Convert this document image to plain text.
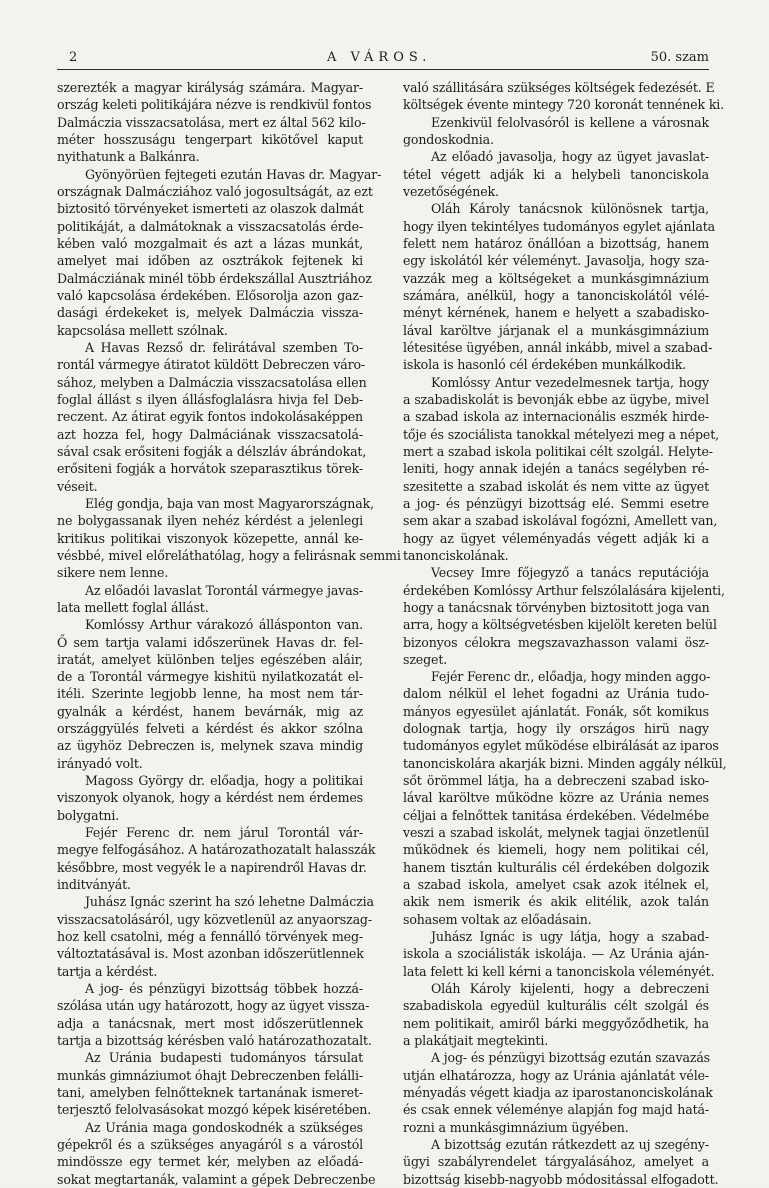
2	A VÁROS.	50. szam
szerezték a magyar királyság számára. Magyar-
ország keleti politikájára nézve is rendkivül fontos
Dalmáczia visszacsatolása, mert ez által 562 kilo-
méter hosszuságu tengerpart kikötővel kaput
nyithatunk a Balkánra.
Gyönyörüen fejtegeti ezután Havas dr. Magyar-
országnak Dalmácziához való jogosultságát, az ezt
biztositó törvényeket ismerteti az olaszok dalmát
politikáját, a dalmátoknak a visszacsatolás érde-
kében való mozgalmait és azt a lázas munkát,
amelyet mai időben az osztrákok fejtenek ki
Dalmácziának minél több érdekszállal Ausztriához
való kapcsolása érdekében. Elősorolja azon gaz-
dasági érdekeket is, melyek Dalmáczia vissza-
kapcsolása mellett szólnak.
A Havas Rezső dr. felirátával szemben To-
rontál vármegye átiratot küldött Debreczen váro-
sához, melyben a Dalmáczia visszacsatolása ellen
foglal állást s ilyen állásfoglalásra hivja fel Deb-
reczent. Az átirat egyik fontos indokolásaképpen
azt hozza fel, hogy Dalmáciának visszacsatolá-
sával csak erősiteni fogják a délszláv ábrándokat,
erősiteni fogják a horvátok szeparasztikus törek-
véseit.
Elég gondja, baja van most Magyarországnak,
ne bolygassanak ilyen nehéz kérdést a jelenlegi
kritikus politikai viszonyok közepette, annál ke-
vésbbé, mivel előreláthatólag, hogy a felirásnak semmi
sikere nem lenne.
Az előadói lavaslat Torontál vármegye javas-
lata mellett foglal állást.
Komlóssy Arthur várakozó állásponton van.
Ő sem tartja valami időszerünek Havas dr. fel-
iratát, amelyet különben teljes egészében aláir,
de a Torontál vármegye kishitü nyilatkozatát el-
itéli. Szerinte legjobb lenne, ha most nem tár-
gyalnák a kérdést, hanem bevárnák, mig az
országgyülés felveti a kérdést és akkor szólna
az ügyhöz Debreczen is, melynek szava mindig
irányadó volt.
Magoss György dr. előadja, hogy a politikai
viszonyok olyanok, hogy a kérdést nem érdemes
bolygatni.
Fejér Ferenc dr. nem járul Torontál vár-
megye felfogásához. A határozathozatalt halasszák
későbbre, most vegyék le a napirendről Havas dr.
inditványát.
Juhász Ignác szerint ha szó lehetne Dalmáczia
visszacsatolásáról, ugy közvetlenül az anyaorszag-
hoz kell csatolni, még a fennálló törvények meg-
változtatásával is. Most azonban időszerütlennek
tartja a kérdést.
A jog- és pénzügyi bizottság többek hozzá-
szólása után ugy határozott, hogy az ügyet vissza-
adja a tanácsnak, mert most időszerütlennek
tartja a bizottság kérésben való határozathozatalt.
Az Uránia budapesti tudományos társulat
munkás gimnáziumot óhajt Debreczenben felálli-
tani, amelyben felnőtteknek tartanának ismeret-
terjesztő felolvasásokat mozgó képek kiséretében.
Az Uránia maga gondoskodnék a szükséges
gépekről és a szükséges anyagáról s a várostól
mindössze egy termet kér, melyben az előadá-
sokat megtartanák, valamint a gépek Debreczenbe
való szállitására szükséges költségek fedezését. E
költségek évente mintegy 720 koronát tennének ki.
Ezenkivül felolvasóról is kellene a városnak
gondoskodnia.
Az előadó javasolja, hogy az ügyet javaslat-
tétel végett adják ki a helybeli tanonciskola
vezetőségének.
Oláh Károly tanácsnok különösnek tartja,
hogy ilyen tekintélyes tudományos egylet ajánlata
felett nem határoz önállóan a bizottság, hanem
egy iskolától kér véleményt. Javasolja, hogy sza-
vazzák meg a költségeket a munkásgimnázium
számára, anélkül, hogy a tanonciskolától vélé-
ményt kérnének, hanem e helyett a szabadisko-
lával karöltve járjanak el a munkásgimnázium
létesitése ügyében, annál inkább, mivel a szabad-
iskola is hasonló cél érdekében munkálkodik.
Komlóssy Antur vezedelmesnek tartja, hogy
a szabadiskolát is bevonják ebbe az ügybe, mivel
a szabad iskola az internacionális eszmék hirde-
tője és szociálista tanokkal mételyezi meg a népet,
mert a szabad iskola politikai célt szolgál. Helyte-
leniti, hogy annak idején a tanács segélyben ré-
szesitette a szabad iskolát és nem vitte az ügyet
a jog- és pénzügyi bizottság elé. Semmi esetre
sem akar a szabad iskolával fogózni, Amellett van,
hogy az ügyet véleményadás végett adják ki a
tanonciskolának.
Vecsey Imre főjegyző a tanács reputációja
érdekében Komlóssy Arthur felszólalására kijelenti,
hogy a tanácsnak törvényben biztositott joga van
arra, hogy a költségvetésben kijelölt kereten belül
bizonyos célokra megszavazhasson valami ösz-
szeget.
Fejér Ferenc dr., előadja, hogy minden aggo-
dalom nélkül el lehet fogadni az Uránia tudo-
mányos egyesület ajánlatát. Fonák, sőt komikus
dolognak tartja, hogy ily országos hirü nagy
tudományos egylet működése elbirálását az iparos
tanonciskolára akarják bizni. Minden aggály nélkül,
sőt örömmel látja, ha a debreczeni szabad isko-
lával karöltve működne közre az Uránia nemes
céljai a felnőttek tanitása érdekében. Védelmébe
veszi a szabad iskolát, melynek tagjai önzetlenül
működnek és kiemeli, hogy nem politikai cél,
hanem tisztán kulturális cél érdekében dolgozik
a szabad iskola, amelyet csak azok itélnek el,
akik nem ismerik és akik elitélik, azok talán
sohasem voltak az előadásain.
Juhász Ignác is ugy látja, hogy a szabad-
iskola a szociálisták iskolája. — Az Uránia aján-
lata felett ki kell kérni a tanonciskola véleményét.
Oláh Károly kijelenti, hogy a debreczeni
szabadiskola egyedül kulturális célt szolgál és
nem politikait, amiről bárki meggyőződhetik, ha
a plakátjait megtekinti.
A jog- és pénzügyi bizottság ezután szavazás
utján elhatározza, hogy az Uránia ajánlatát véle-
ményadás végett kiadja az iparostanonciskolának
és csak ennek véleménye alapján fog majd hatá-
rozni a munkásgimnázium ügyében.
A bizottság ezután rátkezdett az uj szegény-
ügyi szabályrendelet tárgyalásához, amelyet a
bizottság kisebb-nagyobb módositással elfogadott.
